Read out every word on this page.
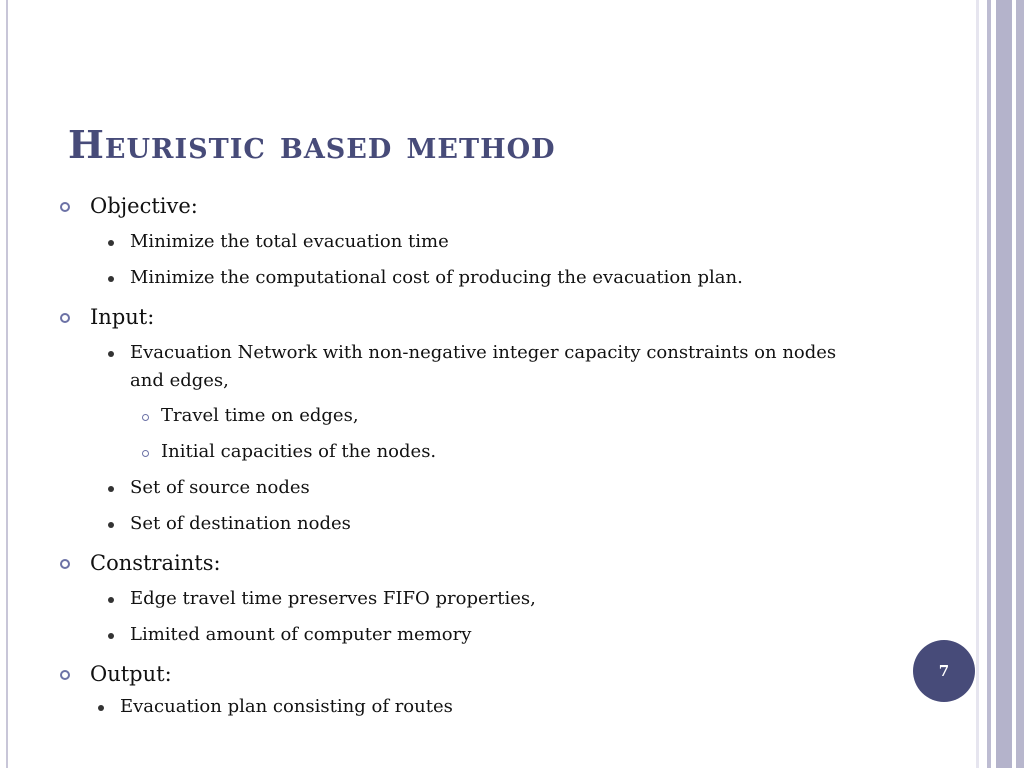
Heuristic based method
Objective:
Minimize the total evacuation time
Minimize the computational cost of producing the evacuation plan.
Input:
Evacuation Network with non-negative integer capacity constraints on nodes
and edges,
Travel time on edges,
Initial capacities of the nodes.
Set of source nodes
Set of destination nodes
Constraints:
Edge travel time preserves FIFO properties,
Limited amount of computer memory
Output:
Evacuation plan consisting of routes
7
